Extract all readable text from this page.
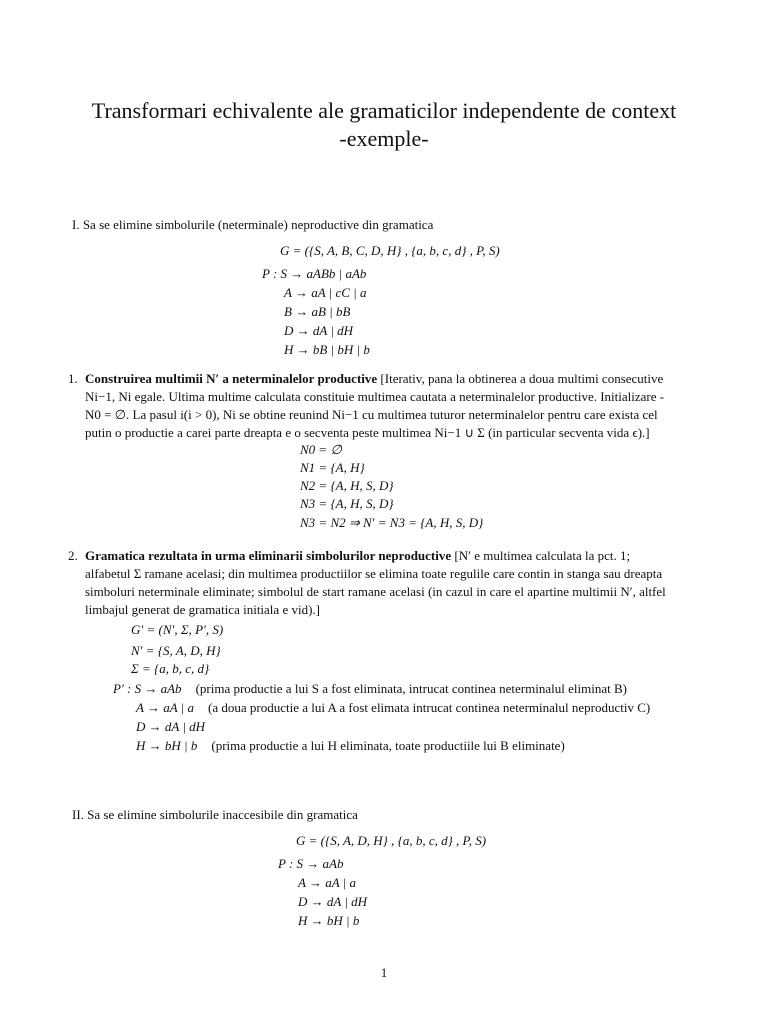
Transformari echivalente ale gramaticilor independente de context
-exemple-
I. Sa se elimine simbolurile (neterminale) neproductive din gramatica
G = ({S, A, B, C, D, H} , {a, b, c, d} , P, S)
P : S → aABb | aAb
A → aA | cC | a
B → aB | bB
D → dA | dH
H → bB | bH | b
1. Construirea multimii N′ a neterminalelor productive [Iterativ, pana la obtinerea a doua multimi consecutive
Ni−1, Ni egale. Ultima multime calculata constituie multimea cautata a neterminalelor productive. Initializare -
N0 = ∅. La pasul i(i > 0), Ni se obtine reunind Ni−1 cu multimea tuturor neterminalelor pentru care exista cel
putin o productie a carei parte dreapta e o secventa peste multimea Ni−1 ∪ Σ (in particular secventa vida ϵ).]
N0 = ∅
N1 = {A, H}
N2 = {A, H, S, D}
N3 = {A, H, S, D}
N3 = N2 ⇒ N′ = N3 = {A, H, S, D}
2. Gramatica rezultata in urma eliminarii simbolurilor neproductive [N′ e multimea calculata la pct. 1;
alfabetul Σ ramane acelasi; din multimea productiilor se elimina toate regulile care contin in stanga sau dreapta
simboluri neterminale eliminate; simbolul de start ramane acelasi (in cazul in care el apartine multimii N′, altfel
limbajul generat de gramatica initiala e vid).]
G′ = (N′, Σ, P′, S)
N′ = {S, A, D, H}
Σ = {a, b, c, d}
P′ : S → aAb (prima productie a lui S a fost eliminata, intrucat continea neterminalul eliminat B)
A → aA | a (a doua productie a lui A a fost elimata intrucat continea neterminalul neproductiv C)
D → dA | dH
H → bH | b (prima productie a lui H eliminata, toate productiile lui B eliminate)
II. Sa se elimine simbolurile inaccesibile din gramatica
G = ({S, A, D, H} , {a, b, c, d} , P, S)
P : S → aAb
A → aA | a
D → dA | dH
H → bH | b
1
